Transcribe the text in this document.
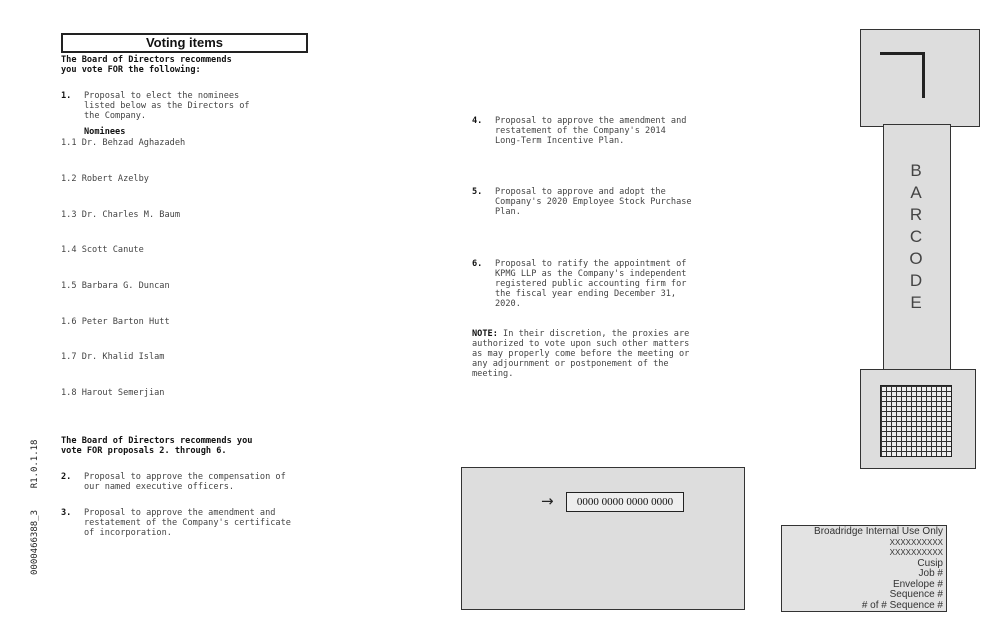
Voting items
The Board of Directors recommends
you vote FOR the following:
1. Proposal to elect the nominees
listed below as the Directors of
the Company.
Nominees
1.1 Dr. Behzad Aghazadeh
1.2 Robert Azelby
1.3 Dr. Charles M. Baum
1.4 Scott Canute
1.5 Barbara G. Duncan
1.6 Peter Barton Hutt
1.7 Dr. Khalid Islam
1.8 Harout Semerjian
The Board of Directors recommends you
vote FOR proposals 2. through 6.
2. Proposal to approve the compensation of
our named executive officers.
3. Proposal to approve the amendment and
restatement of the Company's certificate
of incorporation.
0000466388_3    R1.0.1.18
4. Proposal to approve the amendment and
restatement of the Company's 2014
Long-Term Incentive Plan.
5. Proposal to approve and adopt the
Company's 2020 Employee Stock Purchase
Plan.
6. Proposal to ratify the appointment of
KPMG LLP as the Company's independent
registered public accounting firm for
the fiscal year ending December 31,
2020.
NOTE: In their discretion, the proxies are
authorized to vote upon such other matters
as may properly come before the meeting or
any adjournment or postponement of the
meeting.
B
A
R
C
O
D
E
→	0000 0000 0000 0000
Broadridge Internal Use Only
XXXXXXXXXX
XXXXXXXXXX
Cusip
Job #
Envelope #
Sequence #
# of # Sequence #
